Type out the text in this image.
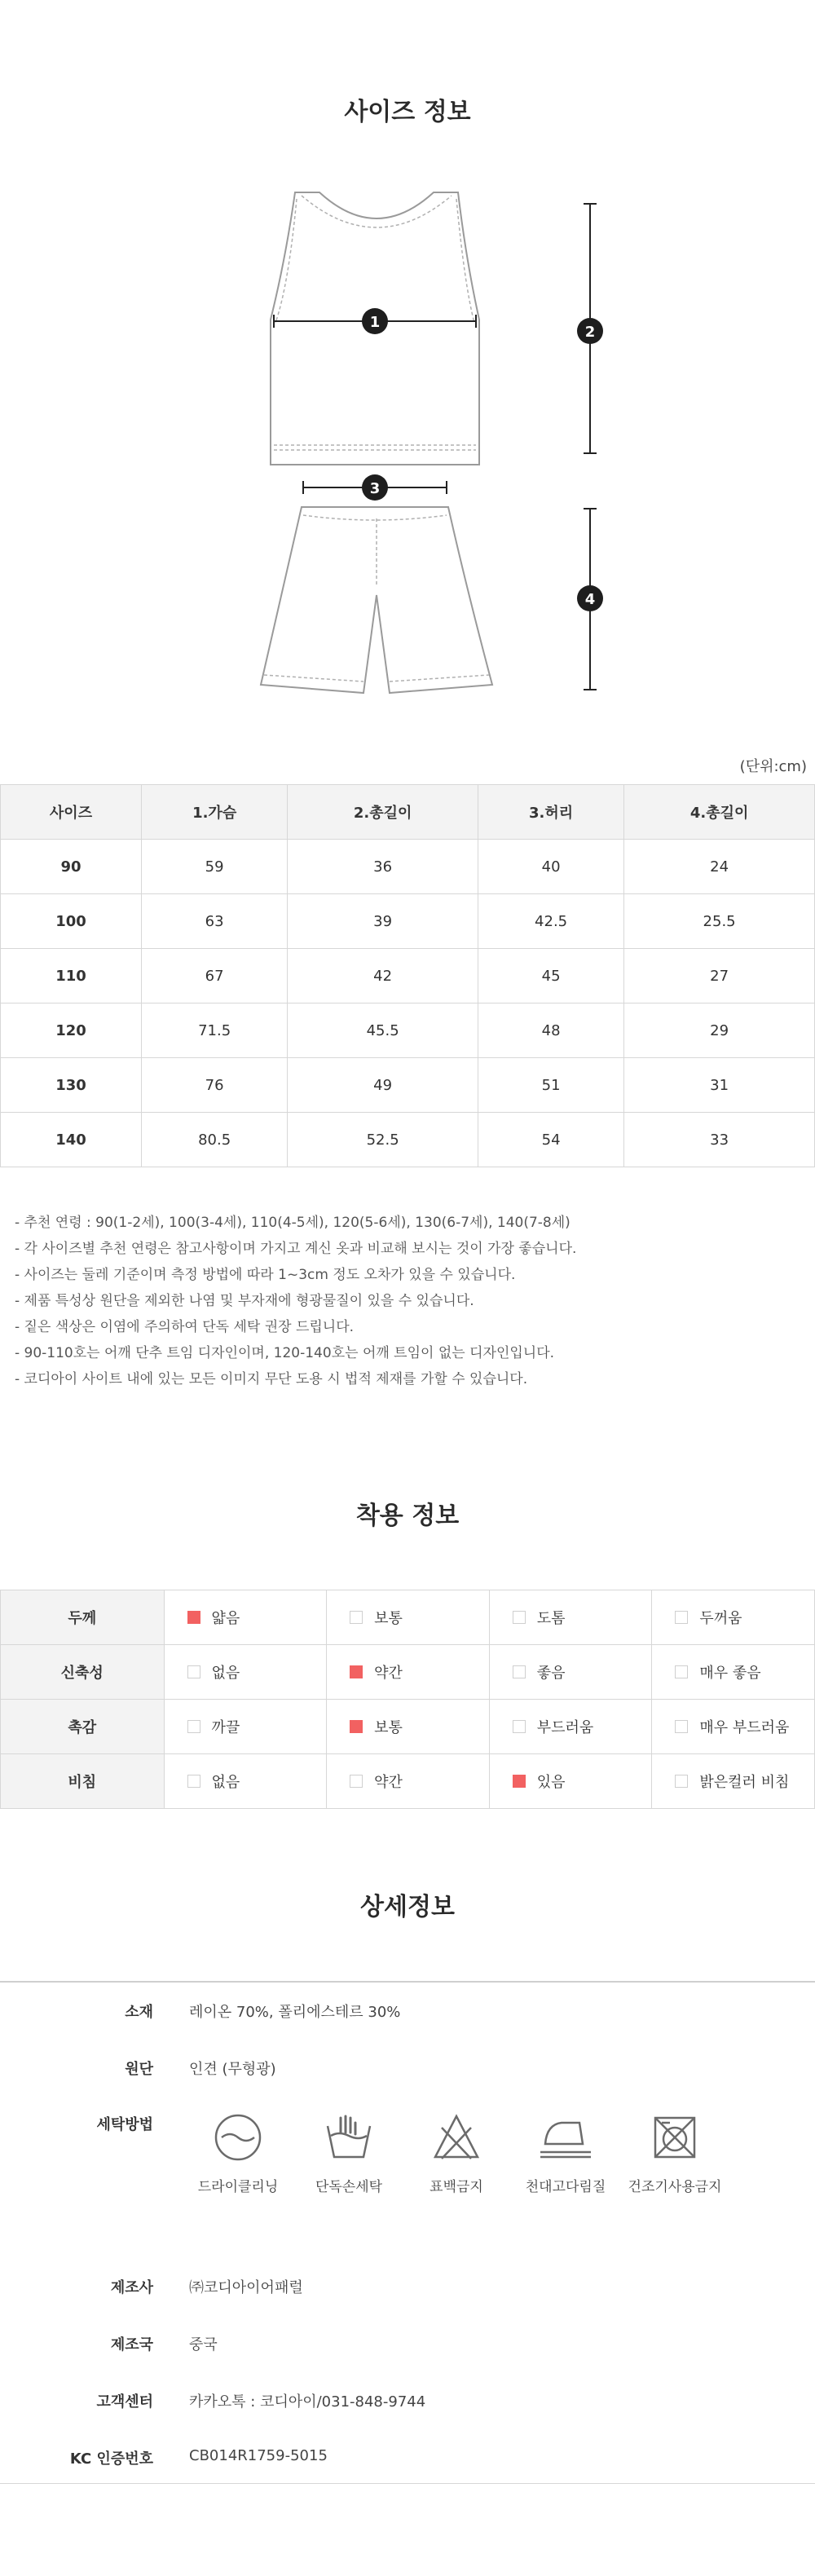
사이즈 정보
1
3
2
4
(단위:cm)
사이즈	1.가슴	2.총길이	3.허리	4.총길이
90	59	36	40	24
100	63	39	42.5	25.5
110	67	42	45	27
120	71.5	45.5	48	29
130	76	49	51	31
140	80.5	52.5	54	33
- 추천 연령 : 90(1-2세), 100(3-4세), 110(4-5세), 120(5-6세), 130(6-7세), 140(7-8세)
- 각 사이즈별 추천 연령은 참고사항이며 가지고 계신 옷과 비교해 보시는 것이 가장 좋습니다.
- 사이즈는 둘레 기준이며 측정 방법에 따라 1~3cm 정도 오차가 있을 수 있습니다.
- 제품 특성상 원단을 제외한 나염 및 부자재에 형광물질이 있을 수 있습니다.
- 짙은 색상은 이염에 주의하여 단독 세탁 권장 드립니다.
- 90-110호는 어깨 단추 트임 디자인이며, 120-140호는 어깨 트임이 없는 디자인입니다.
- 코디아이 사이트 내에 있는 모든 이미지 무단 도용 시 법적 제재를 가할 수 있습니다.
착용 정보
두께	얇음	보통	도톰	두꺼움
신축성	없음	약간	좋음	매우 좋음
촉감	까끌	보통	부드러움	매우 부드러움
비침	없음	약간	있음	밝은컬러 비침
상세정보
소재 레이온 70%, 폴리에스테르 30%
원단 인견 (무형광)
세탁방법
드라이클리닝	단독손세탁	표백금지	천대고다림질	건조기사용금지
제조사 ㈜코디아이어패럴
제조국 중국
고객센터 카카오톡 : 코디아이/031-848-9744
KC 인증번호 CB014R1759-5015
